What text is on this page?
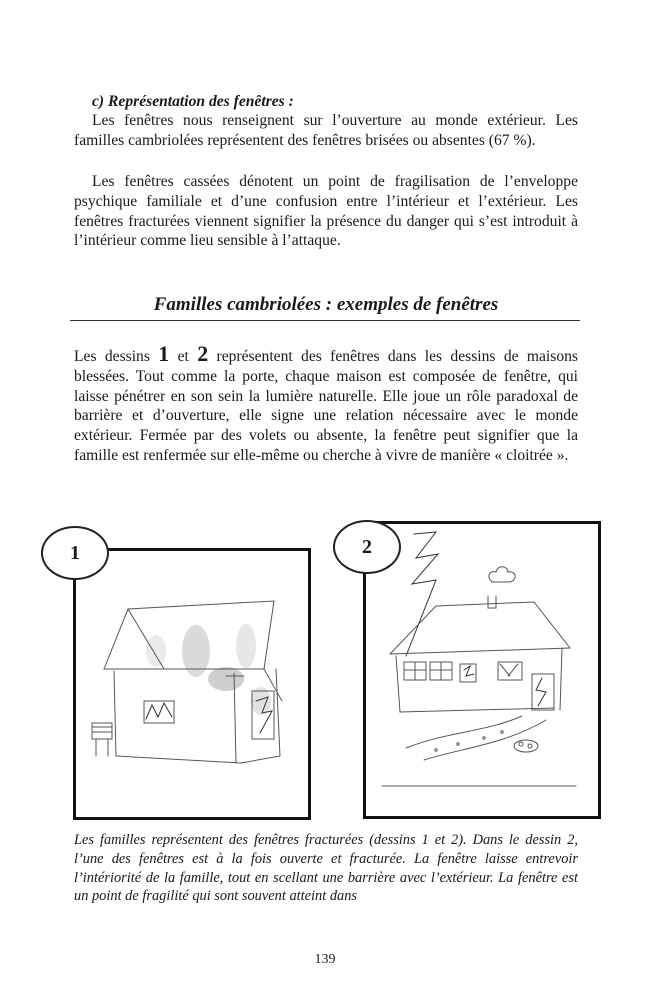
c) Représentation des fenêtres :
Les fenêtres nous renseignent sur l’ouverture au monde extérieur. Les familles cambriolées représentent des fenêtres brisées ou absentes (67 %).
Les fenêtres cassées dénotent un point de fragilisation de l’enveloppe psychique familiale et d’une confusion entre l’intérieur et l’extérieur. Les fenêtres fracturées viennent signifier la présence du danger qui s’est introduit à l’intérieur comme lieu sensible à l’attaque.
Familles cambriolées : exemples de fenêtres
Les dessins 1 et 2 représentent des fenêtres dans les dessins de maisons blessées. Tout comme la porte, chaque maison est composée de fenêtre, qui laisse pénétrer en son sein la lumière naturelle. Elle joue un rôle paradoxal de barrière et d’ouverture, elle signe une relation nécessaire avec le monde extérieur. Fermée par des volets ou absente, la fenêtre peut signifier que la famille est renfermée sur elle-même ou cherche à vivre de manière « cloitrée ».
1	2
Les familles représentent des fenêtres fracturées (dessins 1 et 2). Dans le dessin 2, l’une des fenêtres est à la fois ouverte et fracturée. La fenêtre laisse entrevoir l’intériorité de la famille, tout en scellant une barrière avec l’extérieur. La fenêtre est un point de fragilité qui sont souvent atteint dans
139
